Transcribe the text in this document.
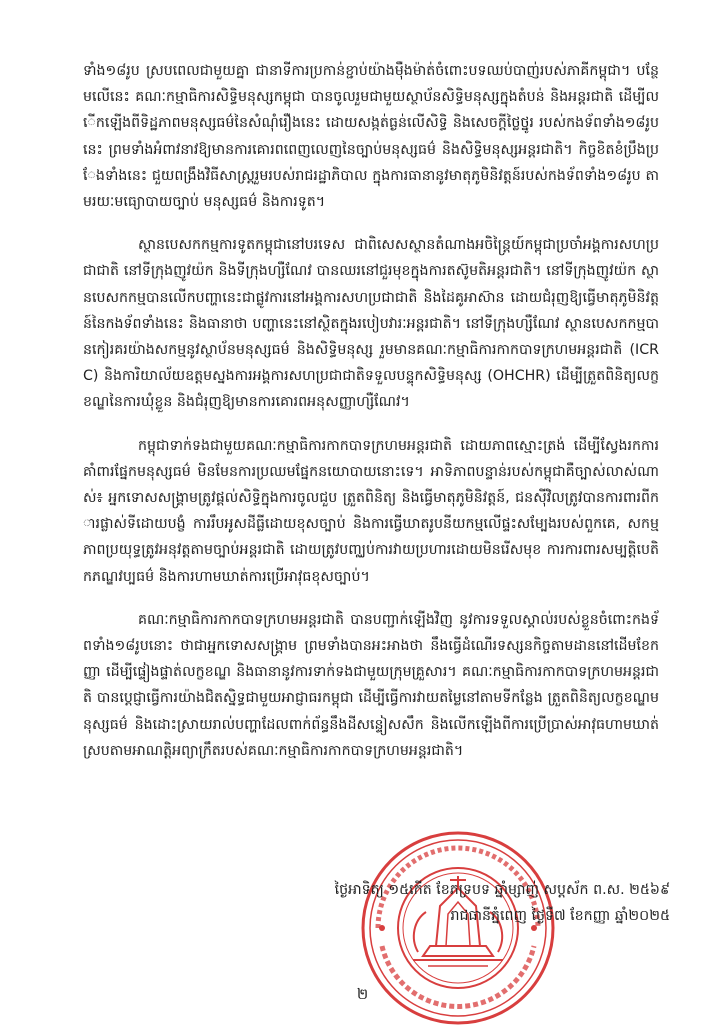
ទាំង១៨រូប ស្របពេលជាមួយគ្នា ជានាទីការប្រកាន់ខ្ជាប់យ៉ាងម៉ឺងម៉ាត់ចំពោះបទឈប់បាញ់របស់ភាគីកម្ពុជា។ បន្ថែមលើនេះ គណៈកម្មាធិការសិទ្ធិមនុស្សកម្ពុជា បានចូលរួមជាមួយស្ថាប័នសិទ្ធិមនុស្សក្នុងតំបន់ និងអន្តរជាតិ ដើម្បីលើកឡើងពីទិដ្ឋភាពមនុស្សធម៌នៃសំណុំរឿងនេះ ដោយសង្កត់ធ្ងន់លើសិទ្ធិ និងសេចក្តីថ្លៃថ្នូរ របស់កងទ័ពទាំង១៨រូបនេះ ព្រមទាំងអំពាវនាវឱ្យមានការគោរពពេញលេញនៃច្បាប់មនុស្សធម៌ និងសិទ្ធិមនុស្សអន្តរជាតិ។ កិច្ចខិតខំប្រឹងប្រែងទាំងនេះ ជួយពង្រឹងវិធីសាស្ត្ររួមរបស់រាជរដ្ឋាភិបាល ក្នុងការធានានូវមាតុភូមិនិវត្តន៍របស់កងទ័ពទាំង១៨រូប តាមរយៈមធ្យោបាយច្បាប់ មនុស្សធម៌ និងការទូត។

ស្ថានបេសកកម្មការទូតកម្ពុជានៅបរទេស ជាពិសេសស្ថានតំណាងអចិន្ត្រៃយ៍កម្ពុជាប្រចាំអង្គការសហប្រជាជាតិ នៅទីក្រុងញូវយ៉ក និងទីក្រុងហ្សឺណែវ បានឈរនៅជួរមុខក្នុងការតស៊ូមតិអន្តរជាតិ។ នៅទីក្រុងញូវយ៉ក ស្ថានបេសកកម្មបានលើកបញ្ហានេះជាផ្លូវការនៅអង្គការសហប្រជាជាតិ និងដៃគូអាស៊ាន ដោយជំរុញឱ្យធ្វើមាតុភូមិនិវត្តន៍នៃកងទ័ពទាំងនេះ និងធានាថា បញ្ហានេះនៅស្ថិតក្នុងរបៀបវារៈអន្តរជាតិ។ នៅទីក្រុងហ្សឺណែវ ស្ថានបេសកកម្មបានកៀរគរយ៉ាងសកម្មនូវស្ថាប័នមនុស្សធម៌ និងសិទ្ធិមនុស្ស រួមមានគណៈកម្មាធិការកាកបាទក្រហមអន្តរជាតិ (ICRC) និងការិយាល័យឧត្តមស្នងការអង្គការសហប្រជាជាតិទទួលបន្ទុកសិទ្ធិមនុស្ស (OHCHR) ដើម្បីត្រួតពិនិត្យលក្ខខណ្ឌនៃការឃុំខ្លួន និងជំរុញឱ្យមានការគោរពអនុសញ្ញាហ្សឺណែវ។

កម្ពុជាទាក់ទងជាមួយគណៈកម្មាធិការកាកបាទក្រហមអន្តរជាតិ ដោយភាពស្មោះត្រង់ ដើម្បីស្វែងរកការគាំពារផ្នែកមនុស្សធម៌ មិនមែនការប្រឈមផ្នែកនយោបាយនោះទេ។ អាទិភាពបន្ទាន់របស់កម្ពុជាគឺច្បាស់លាស់ណាស់៖ អ្នកទោសសង្គ្រាមត្រូវផ្តល់សិទ្ធិក្នុងការចូលជួប ត្រួតពិនិត្យ និងធ្វើមាតុភូមិនិវត្តន៍, ជនស៊ីវិលត្រូវបានការពារពីការផ្លាស់ទីដោយបង្ខំ ការរឹបអូសដីធ្លីដោយខុសច្បាប់ និងការធ្វើឃាតរូបនីយកម្មលើផ្ទះសម្បែងរបស់ពួកគេ, សកម្មភាពប្រយុទ្ធត្រូវអនុវត្តតាមច្បាប់អន្តរជាតិ ដោយត្រូវបញ្ឈប់ការវាយប្រហារដោយមិនរើសមុខ ការការពារសម្បត្តិបេតិកភណ្ឌវប្បធម៌ និងការហាមឃាត់ការប្រើអាវុធខុសច្បាប់។

គណៈកម្មាធិការកាកបាទក្រហមអន្តរជាតិ បានបញ្ជាក់ឡើងវិញ នូវការទទួលស្គាល់របស់ខ្លួនចំពោះកងទ័ពទាំង១៨រូបនោះ ថាជាអ្នកទោសសង្គ្រាម ព្រមទាំងបានអះអាងថា នឹងធ្វើដំណើរទស្សនកិច្ចតាមដាននៅដើមខែកញ្ញា ដើម្បីផ្ទៀងផ្ទាត់លក្ខខណ្ឌ និងធានានូវការទាក់ទងជាមួយក្រុមគ្រួសារ។ គណៈកម្មាធិការកាកបាទក្រហមអន្តរជាតិ បានប្តេជ្ញាធ្វើការយ៉ាងជិតស្និទ្ធជាមួយអាជ្ញាធរកម្ពុជា ដើម្បីធ្វើការវាយតម្លៃនៅតាមទីកន្លែង ត្រួតពិនិត្យលក្ខខណ្ឌមនុស្សធម៌ និងដោះស្រាយរាល់បញ្ហាដែលពាក់ព័ន្ធនឹងដីសន្ទៀសសឹក និងលើកឡើងពីការប្រើប្រាស់អាវុធហាមឃាត់ ស្របតាមអាណត្តិអព្យាក្រឹតរបស់គណៈកម្មាធិការកាកបាទក្រហមអន្តរជាតិ។

ថ្ងៃអាទិត្យ ១៥កើត ខែភទ្របទ ឆ្នាំម្សាញ់ សប្តស័ក ព.ស. ២៥៦៩
រាជធានីភ្នំពេញ ថ្ងៃទី៧ ខែកញ្ញា ឆ្នាំ២០២៥
២
